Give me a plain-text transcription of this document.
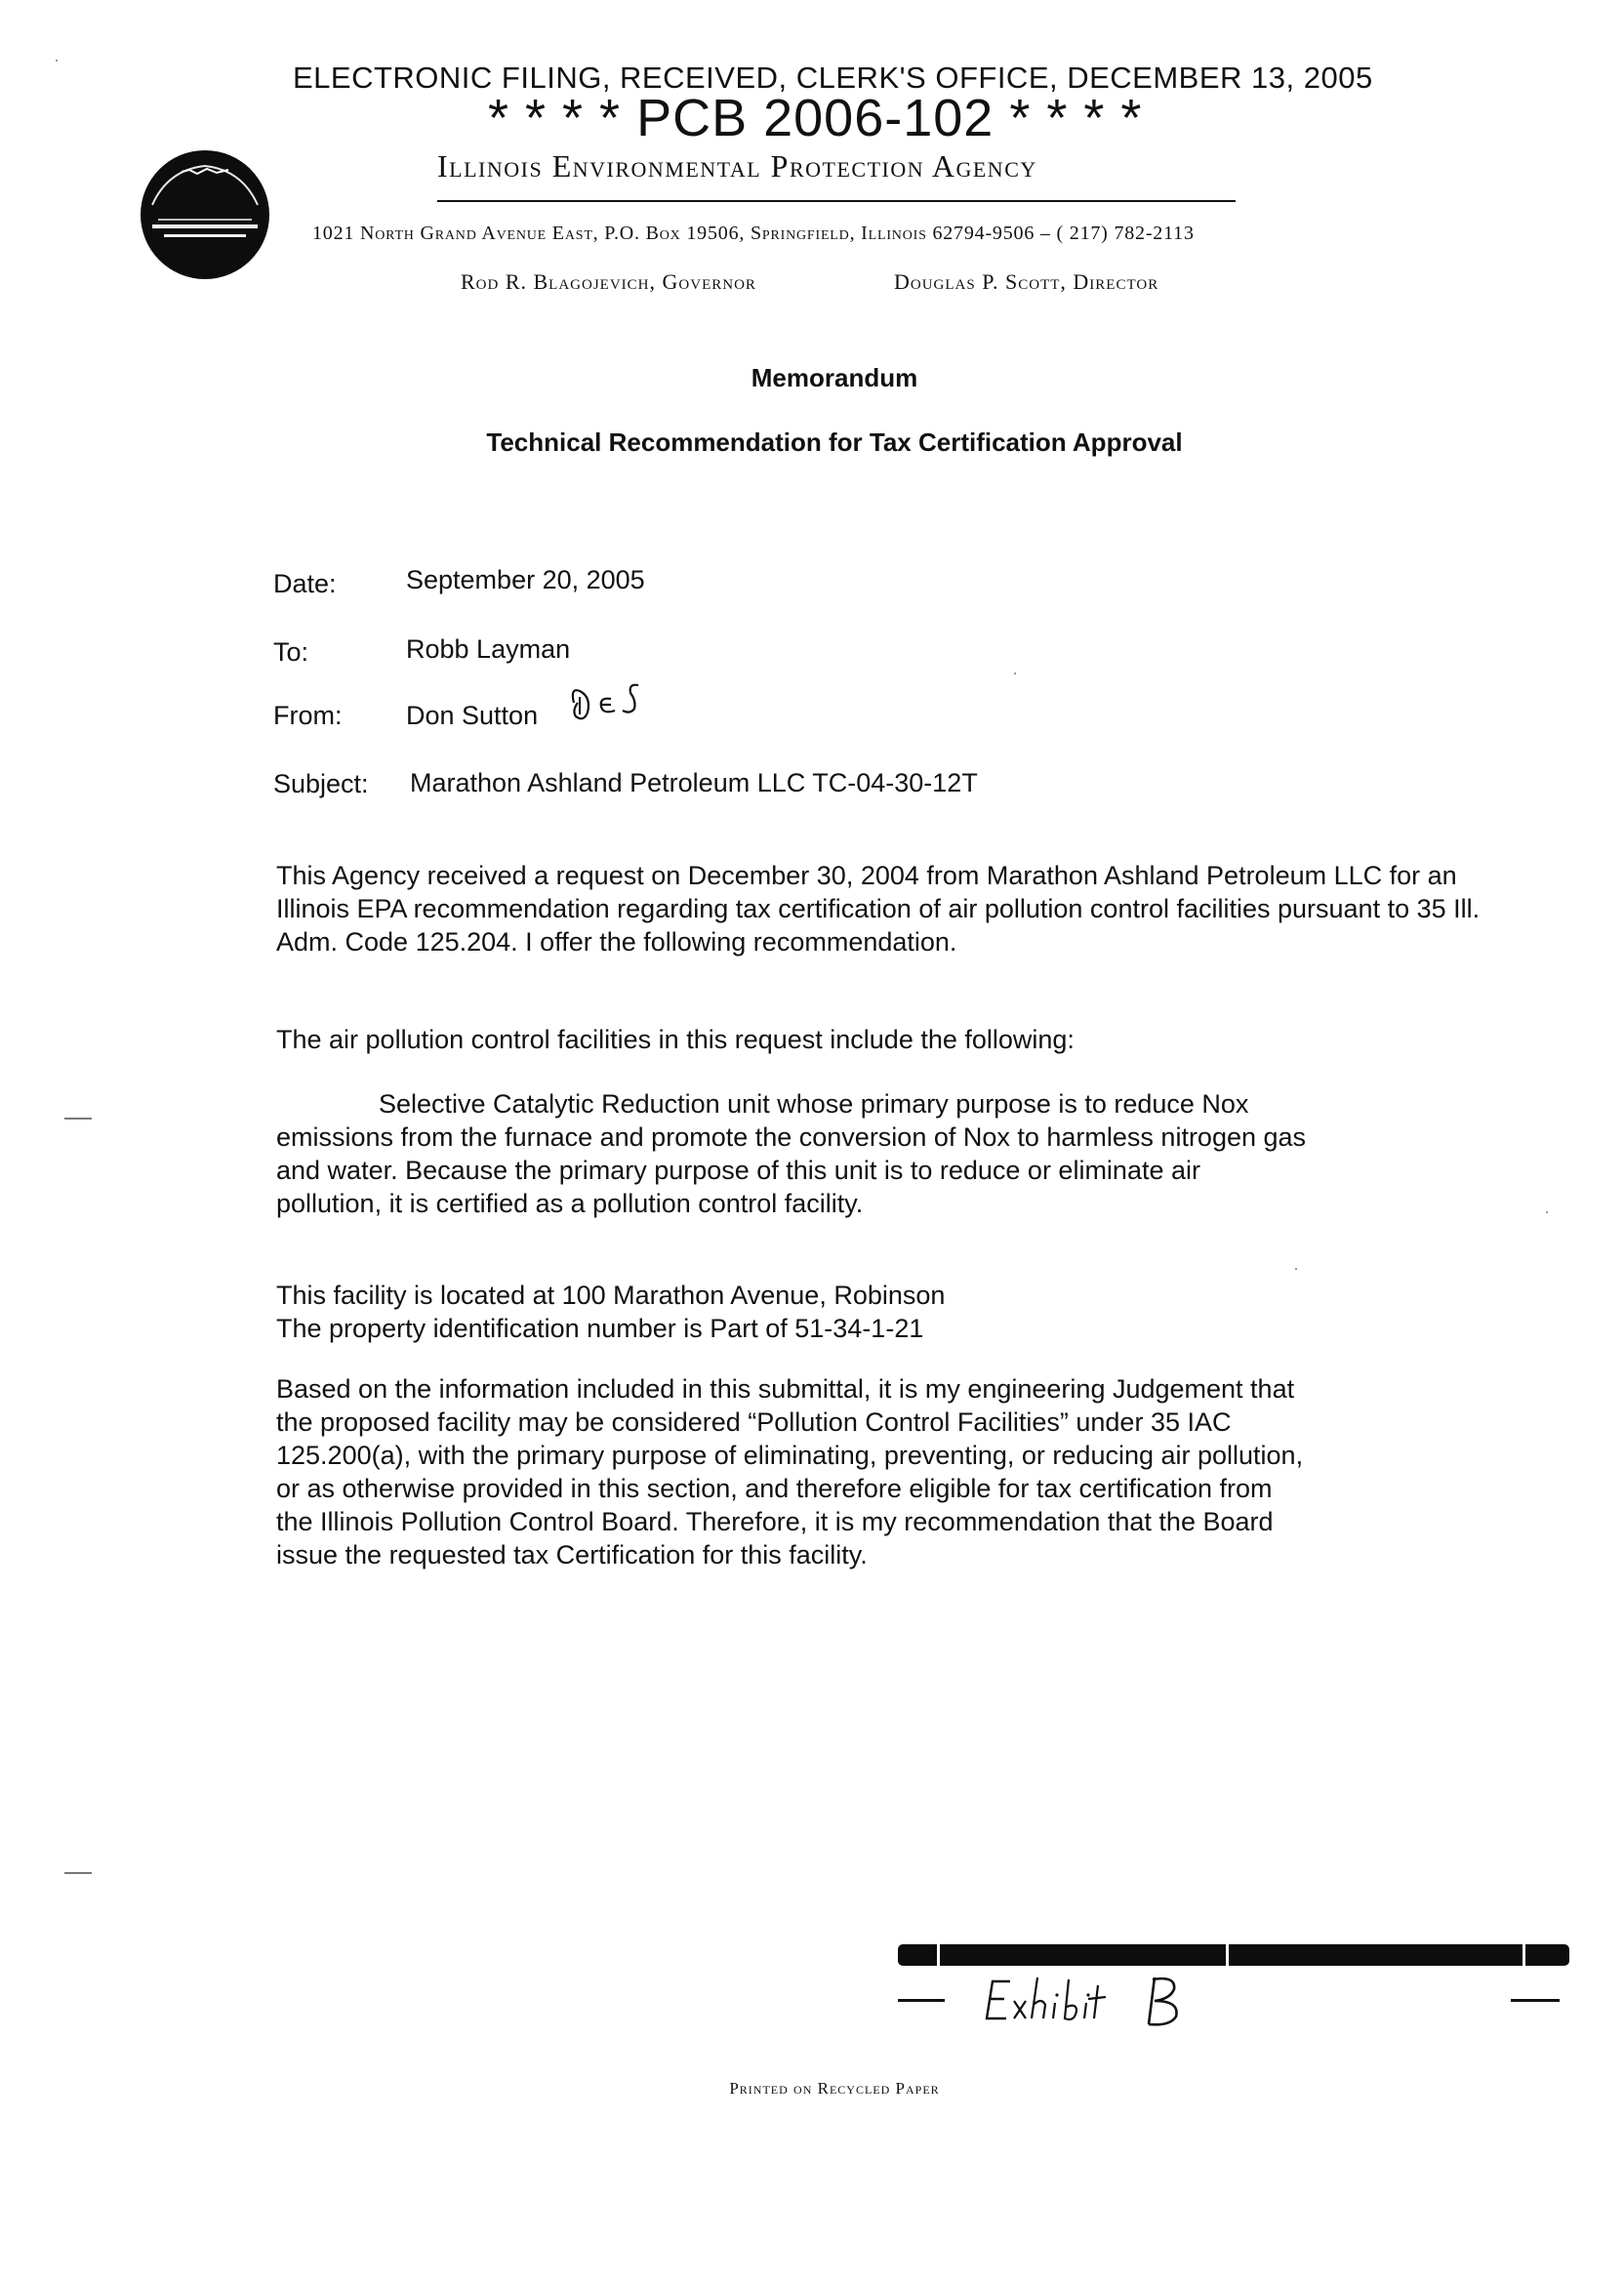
ELECTRONIC FILING, RECEIVED, CLERK'S OFFICE, DECEMBER 13, 2005
* * * * PCB 2006-102 * * * *
Illinois Environmental Protection Agency
1021 North Grand Avenue East, P.O. Box 19506, Springfield, Illinois 62794-9506 – ( 217) 782-2113
Rod R. Blagojevich, Governor	Douglas P. Scott, Director
Memorandum
Technical Recommendation for Tax Certification Approval
Date:	September 20, 2005
To:	Robb Layman
From: Don Sutton
Subject: Marathon Ashland Petroleum LLC TC-04-30-12T

This Agency received a request on December 30, 2004 from Marathon Ashland Petroleum LLC for an

Illinois EPA recommendation regarding tax certification of air pollution control facilities pursuant to 35 Ill.

Adm. Code 125.204. I offer the following recommendation.

The air pollution control facilities in this request include the following:

Selective Catalytic Reduction unit whose primary purpose is to reduce Nox

emissions from the furnace and promote the conversion of Nox to harmless nitrogen gas

and water. Because the primary purpose of this unit is to reduce or eliminate air

pollution, it is certified as a pollution control facility.

This facility is located at 100 Marathon Avenue, Robinson

The property identification number is Part of 51-34-1-21

Based on the information included in this submittal, it is my engineering Judgement that

the proposed facility may be considered “Pollution Control Facilities” under 35 IAC

125.200(a), with the primary purpose of eliminating, preventing, or reducing air pollution,

or as otherwise provided in this section, and therefore eligible for tax certification from

the Illinois Pollution Control Board. Therefore, it is my recommendation that the Board

issue the requested tax Certification for this facility.

Printed on Recycled Paper
